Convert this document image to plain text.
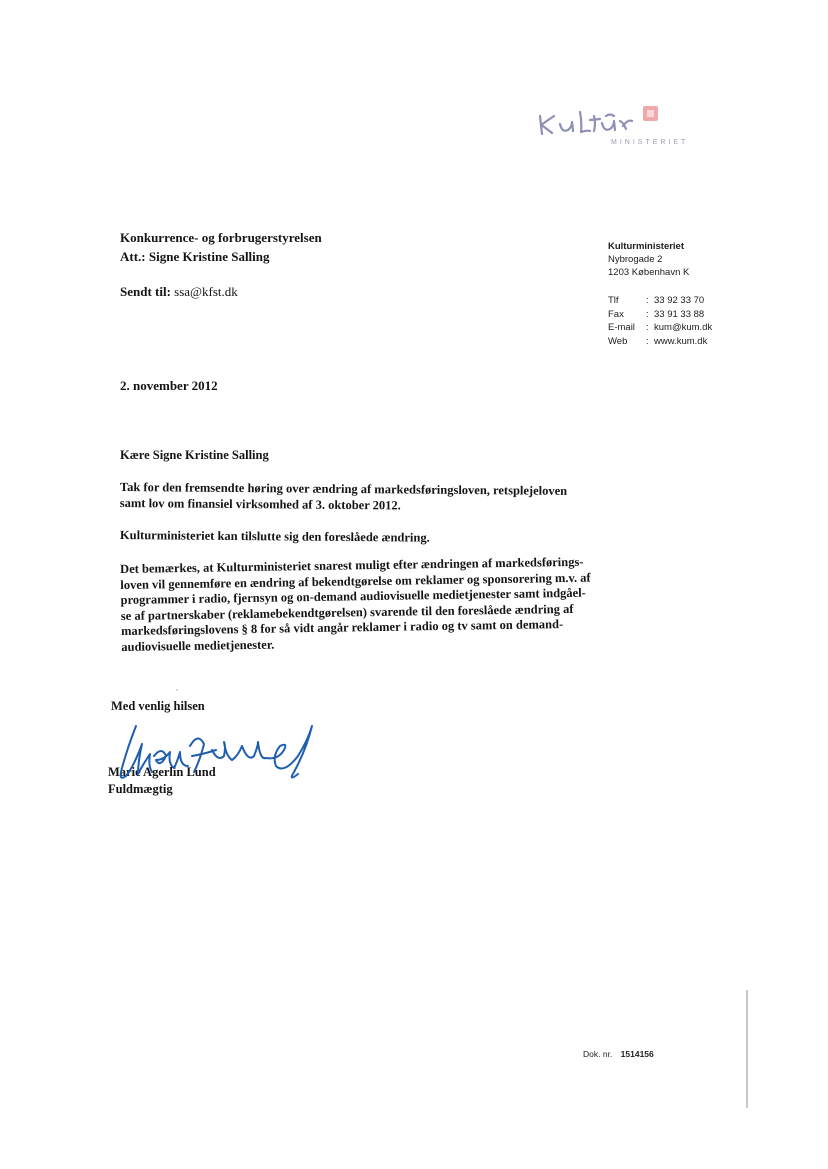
MINISTERIET
Konkurrence- og forbrugerstyrelsen
Att.: Signe Kristine Salling
Sendt til: ssa@kfst.dk
Kulturministeriet
Nybrogade 2
1203 København K
Tlf	: 33 92 33 70
Fax	: 33 91 33 88
E-mail	: kum@kum.dk
Web	: www.kum.dk
2. november 2012
Kære Signe Kristine Salling
Tak for den fremsendte høring over ændring af markedsføringsloven, retsplejeloven
samt lov om finansiel virksomhed af 3. oktober 2012.
Kulturministeriet kan tilslutte sig den foreslåede ændring.
Det bemærkes, at Kulturministeriet snarest muligt efter ændringen af markedsførings-
loven vil gennemføre en ændring af bekendtgørelse om reklamer og sponsorering m.v. af
programmer i radio, fjernsyn og on-demand audiovisuelle medietjenester samt indgåel-
se af partnerskaber (reklamebekendtgørelsen) svarende til den foreslåede ændring af
markedsføringslovens § 8 for så vidt angår reklamer i radio og tv samt on demand-
audiovisuelle medietjenester.
Med venlig hilsen
Marie Agerlin Lund
Fuldmægtig
Dok. nr. 1514156
